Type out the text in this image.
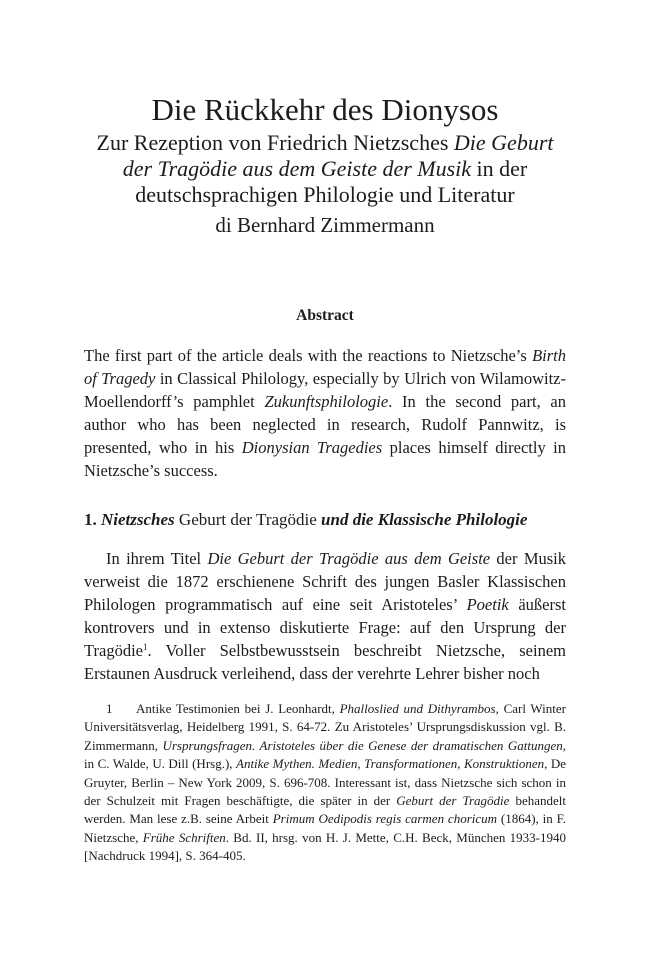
Die Rückkehr des Dionysos

Zur Rezeption von Friedrich Nietzsches Die Geburt der Tragödie aus dem Geiste der Musik in der deutschsprachigen Philologie und Literatur

di Bernhard Zimmermann

Abstract
The first part of the article deals with the reactions to Nietzsche’s Birth of Tragedy in Classical Philology, especially by Ulrich von Wilamowitz-Moellendorff’s pamphlet Zukunftsphilologie. In the second part, an author who has been neglected in research, Rudolf Pannwitz, is presented, who in his Dionysian Tragedies places himself directly in Nietzsche’s success.
1. Nietzsches Geburt der Tragödie und die Klassische Philologie
In ihrem Titel Die Geburt der Tragödie aus dem Geiste der Musik verweist die 1872 erschienene Schrift des jungen Basler Klassischen Philologen programmatisch auf eine seit Aristoteles’ Poetik äußerst kontrovers und in extenso diskutierte Frage: auf den Ursprung der Tragödie$^1$. Voller Selbstbewusstsein beschreibt Nietzsche, seinem Erstaunen Ausdruck verleihend, dass der verehrte Lehrer bisher noch
1 Antike Testimonien bei J. Leonhardt, Phalloslied und Dithyrambos, Carl Winter Universitätsverlag, Heidelberg 1991, S. 64-72. Zu Aristoteles’ Ursprungsdiskussion vgl. B. Zimmermann, Ursprungsfragen. Aristoteles über die Genese der dramatischen Gattungen, in C. Walde, U. Dill (Hrsg.), Antike Mythen. Medien, Transformationen, Konstruktionen, De Gruyter, Berlin – New York 2009, S. 696-708. Interessant ist, dass Nietzsche sich schon in der Schulzeit mit Fragen beschäftigte, die später in der Geburt der Tragödie behandelt werden. Man lese z.B. seine Arbeit Primum Oedipodis regis carmen choricum (1864), in F. Nietzsche, Frühe Schriften. Bd. II, hrsg. von H. J. Mette, C.H. Beck, München 1933-1940 [Nachdruck 1994], S. 364-405.
